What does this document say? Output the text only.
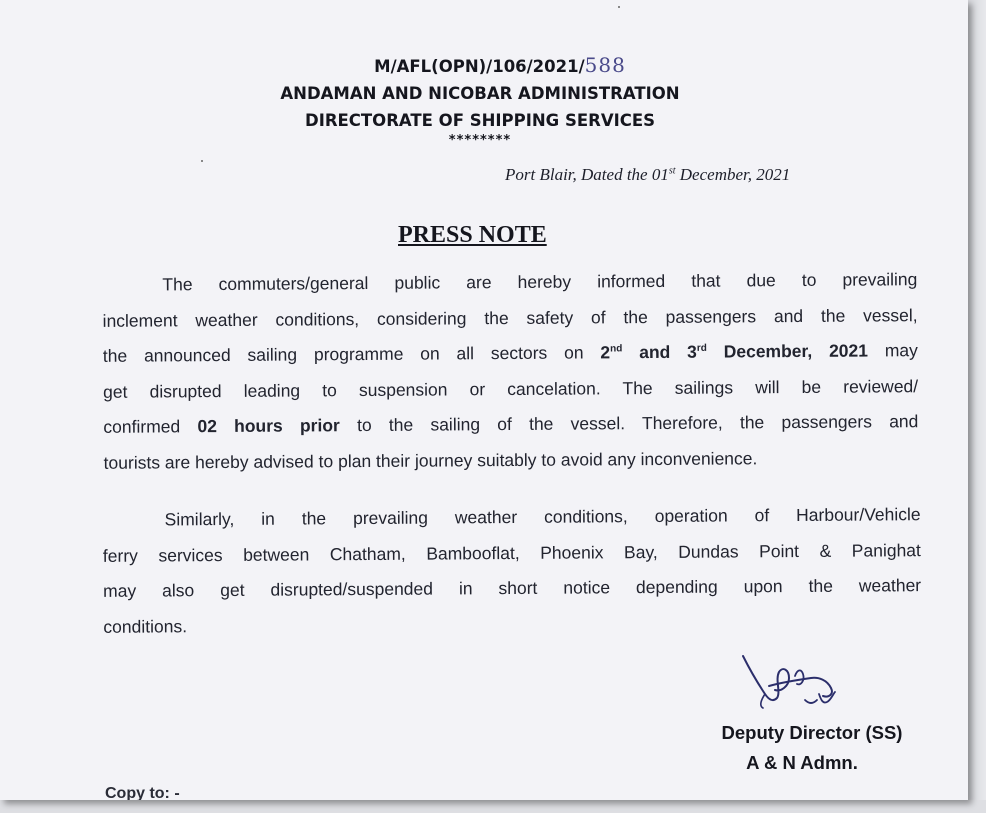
M/AFL(OPN)/106/2021/588
ANDAMAN AND NICOBAR ADMINISTRATION
DIRECTORATE OF SHIPPING SERVICES
********
Port Blair, Dated the 01st December, 2021
PRESS NOTE
The commuters/general public are hereby informed that due to prevailing
inclement weather conditions, considering the safety of the passengers and the vessel,
the announced sailing programme on all sectors on 2nd and 3rd December, 2021 may
get disrupted leading to suspension or cancelation. The sailings will be reviewed/
confirmed 02 hours prior to the sailing of the vessel. Therefore, the passengers and
tourists are hereby advised to plan their journey suitably to avoid any inconvenience.
Similarly, in the prevailing weather conditions, operation of Harbour/Vehicle
ferry services between Chatham, Bambooflat, Phoenix Bay, Dundas Point & Panighat
may also get disrupted/suspended in short notice depending upon the weather
conditions.
Deputy Director (SS)
A & N Admn.
Copy to: -
